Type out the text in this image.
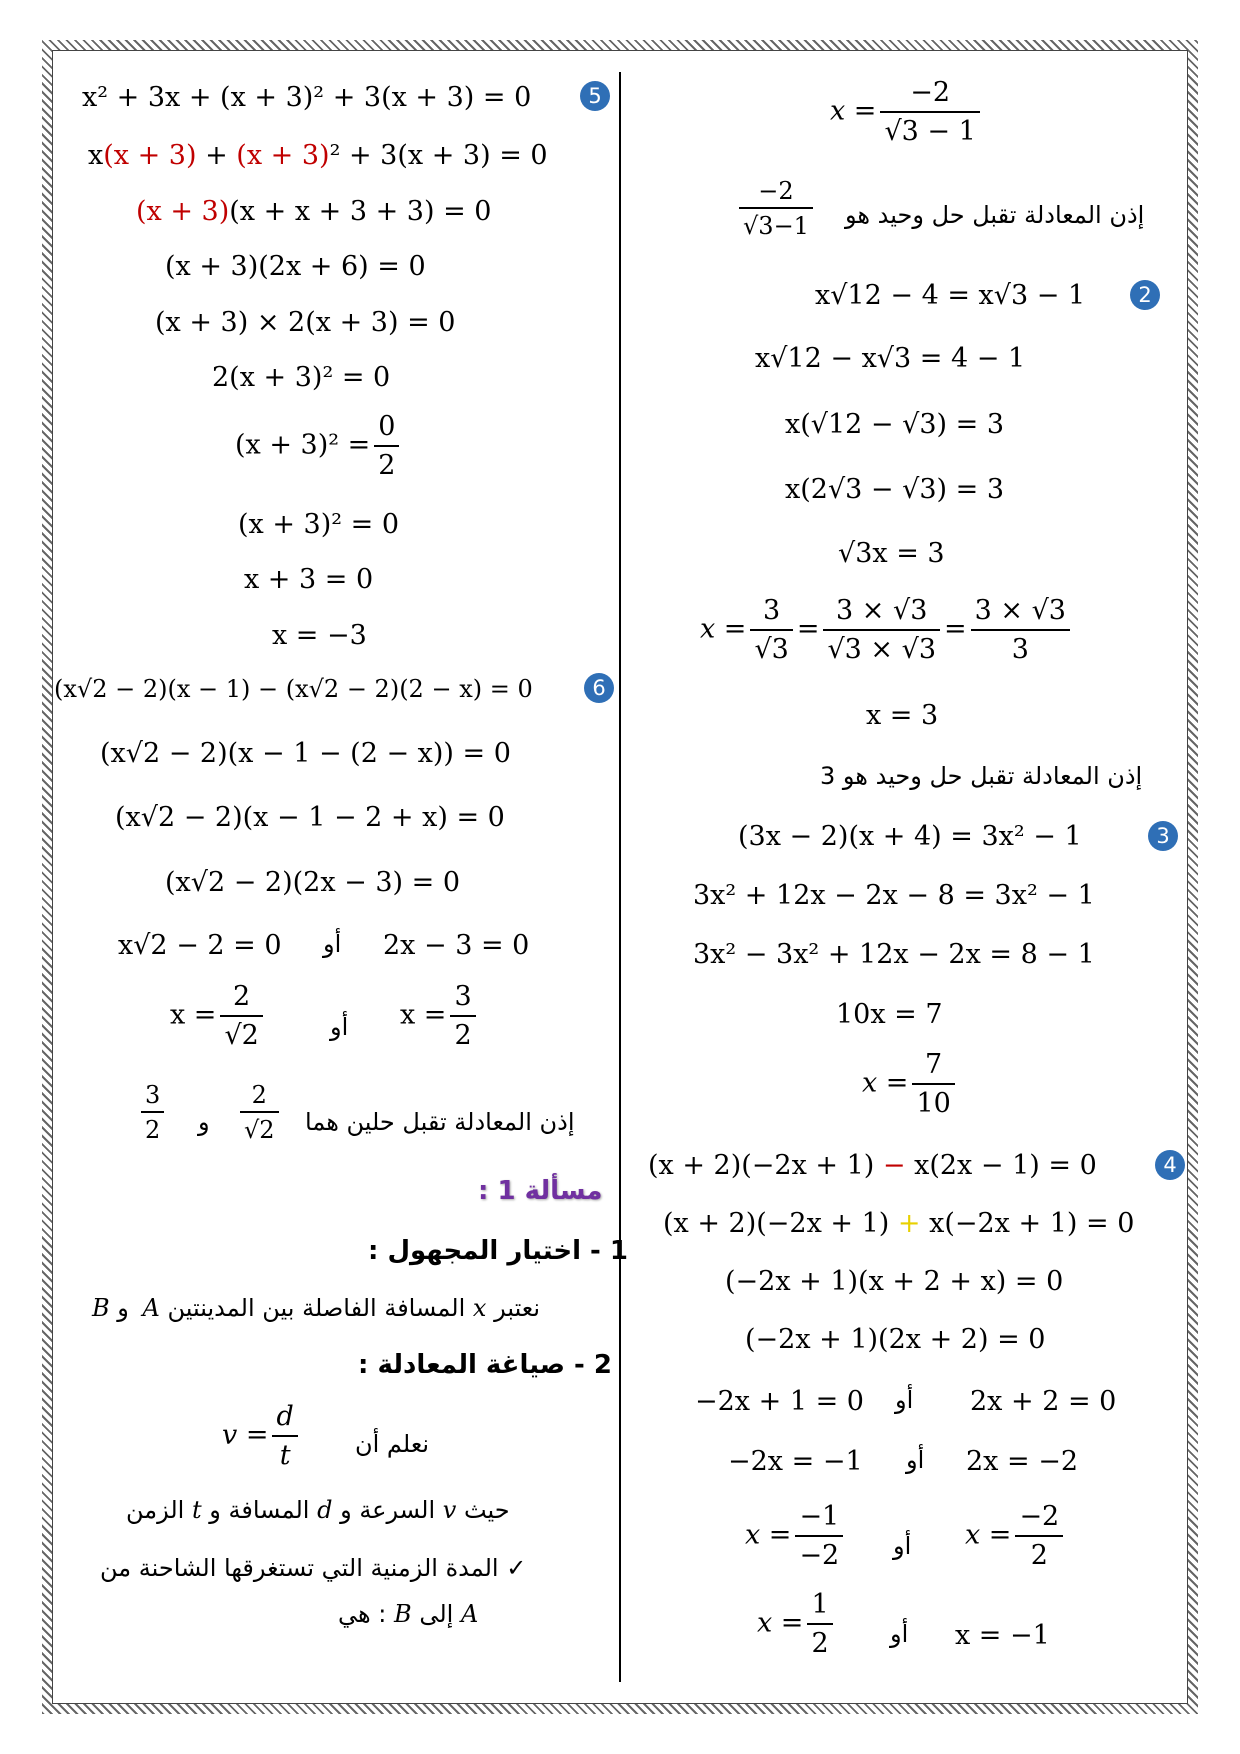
x² + 3x + (x + 3)² + 3(x + 3) = 0	5
x(x + 3) + (x + 3)² + 3(x + 3) = 0
(x + 3)(x + x + 3 + 3) = 0
(x + 3)(2x + 6) = 0
(x + 3) × 2(x + 3) = 0
2(x + 3)² = 0
$(x + 3)^2 = \frac{0}{2}$
(x + 3)² = 0
x + 3 = 0
x = −3
(x√2 − 2)(x − 1) − (x√2 − 2)(2 − x) = 0	6
(x√2 − 2)(x − 1 − (2 − x)) = 0
(x√2 − 2)(x − 1 − 2 + x) = 0
(x√2 − 2)(2x − 3) = 0
x√2 − 2 = 0 أو 2x − 3 = 0
$x = \frac{2}{√2}$	أو $x = \frac{3}{2}$
إذن المعادلة تقبل حلين هما
$\frac{2}{√2}$
و
$\frac{3}{2}$
مسألة 1 :
1 - اختيار المجهول :
B و A المسافة الفاصلة بين المدينتين x نعتبر
2 - صياغة المعادلة :
$v = \frac{d}{t}$ نعلم أن
الزمن t المسافة و d السرعة و v حيث
✓ المدة الزمنية التي تستغرقها الشاحنة من
هي : B إلى A
$x = \frac{-2}{√3 - 1}$
إذن المعادلة تقبل حل وحيد هو
$\frac{-2}{√3-1}$
2
x√12 − 4 = x√3 − 1
x√12 − x√3 = 4 − 1
x(√12 − √3) = 3
x(2√3 − √3) = 3
√3x = 3
$x = \frac{3}{√3} = \frac{3 \times √3}{√3 \times √3} = \frac{3 \times √3}{3}$
x = 3
إذن المعادلة تقبل حل وحيد هو 3
3
(3x − 2)(x + 4) = 3x² − 1
3x² + 12x − 2x − 8 = 3x² − 1
3x² − 3x² + 12x − 2x = 8 − 1
10x = 7
$x = \frac{7}{10}$
4
(x + 2)(−2x + 1) − x(2x − 1) = 0
(x + 2)(−2x + 1) + x(−2x + 1) = 0
(−2x + 1)(x + 2 + x) = 0
(−2x + 1)(2x + 2) = 0
−2x + 1 = 0 أو 2x + 2 = 0
−2x = −1 أو 2x = −2
$x = \frac{-1}{-2}$ أو $x = \frac{-2}{2}$
$x = \frac{1}{2}$ أو x = −1
